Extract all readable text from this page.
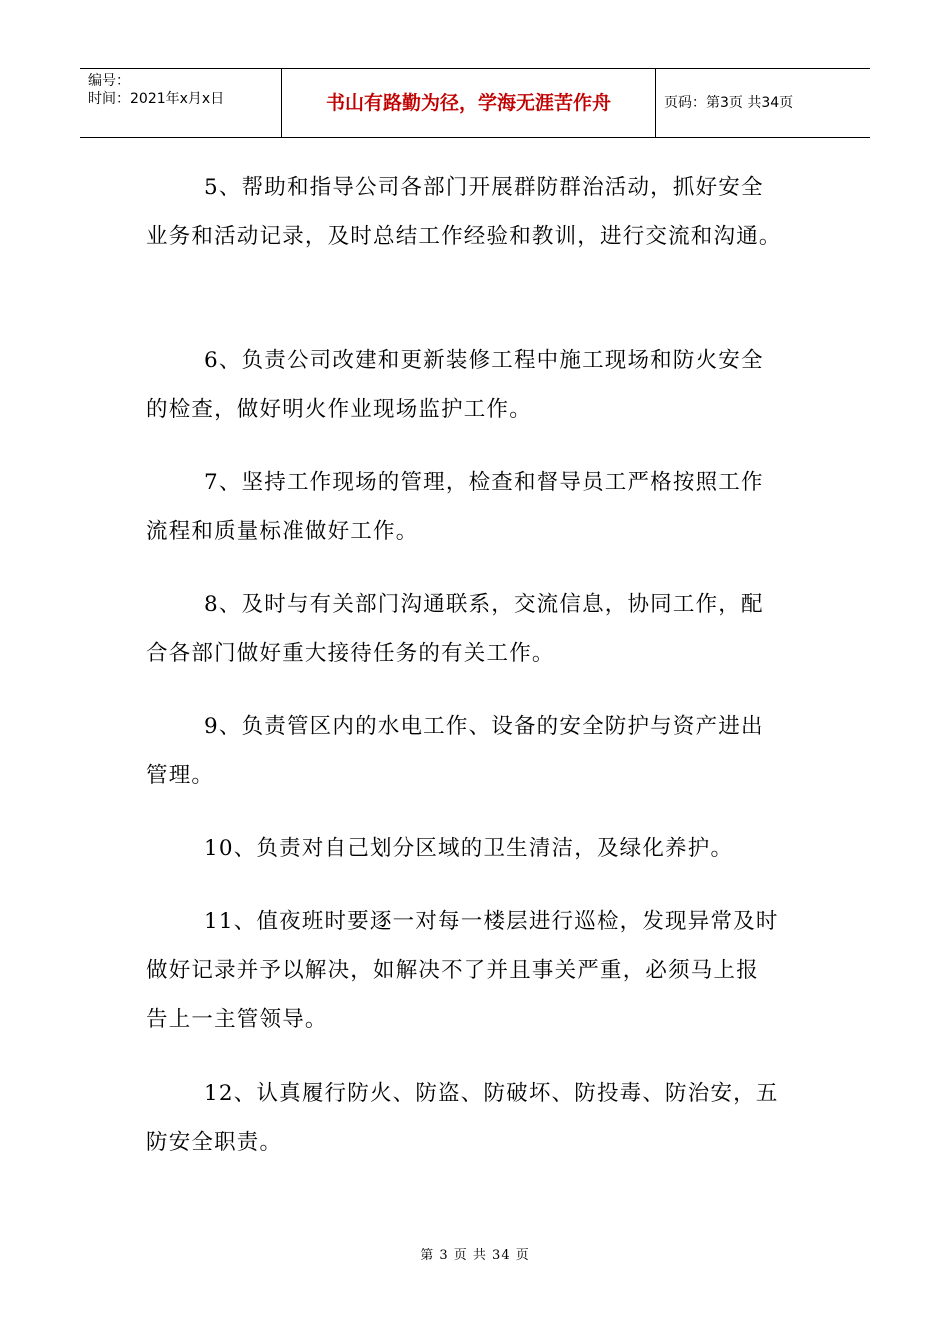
编号：
时间：2021年x月x日	书山有路勤为径，学海无涯苦作舟	页码：第3页 共34页
5、帮助和指导公司各部门开展群防群治活动，抓好安全
业务和活动记录，及时总结工作经验和教训，进行交流和沟通。
6、负责公司改建和更新装修工程中施工现场和防火安全
的检查，做好明火作业现场监护工作。
7、坚持工作现场的管理，检查和督导员工严格按照工作
流程和质量标准做好工作。
8、及时与有关部门沟通联系，交流信息，协同工作，配
合各部门做好重大接待任务的有关工作。
9、负责管区内的水电工作、设备的安全防护与资产进出
管理。
10、负责对自己划分区域的卫生清洁，及绿化养护。
11、值夜班时要逐一对每一楼层进行巡检，发现异常及时
做好记录并予以解决，如解决不了并且事关严重，必须马上报
告上一主管领导。
12、认真履行防火、防盗、防破坏、防投毒、防治安，五
防安全职责。
第 3 页 共 34 页
